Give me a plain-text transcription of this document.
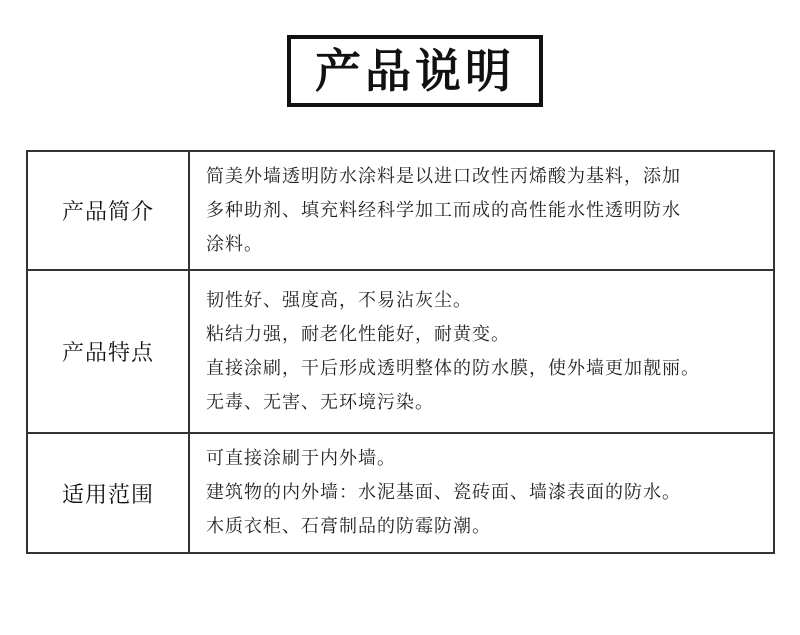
产品说明
产品简介	简美外墙透明防水涂料是以进口改性丙烯酸为基料，添加
多种助剂、填充料经科学加工而成的高性能水性透明防水
涂料。

产品特点	韧性好、强度高，不易沾灰尘。
粘结力强，耐老化性能好，耐黄变。
直接涂刷，干后形成透明整体的防水膜，使外墙更加靓丽。
无毒、无害、无环境污染。

适用范围	可直接涂刷于内外墙。
建筑物的内外墙：水泥基面、瓷砖面、墙漆表面的防水。
木质衣柜、石膏制品的防霉防潮。
